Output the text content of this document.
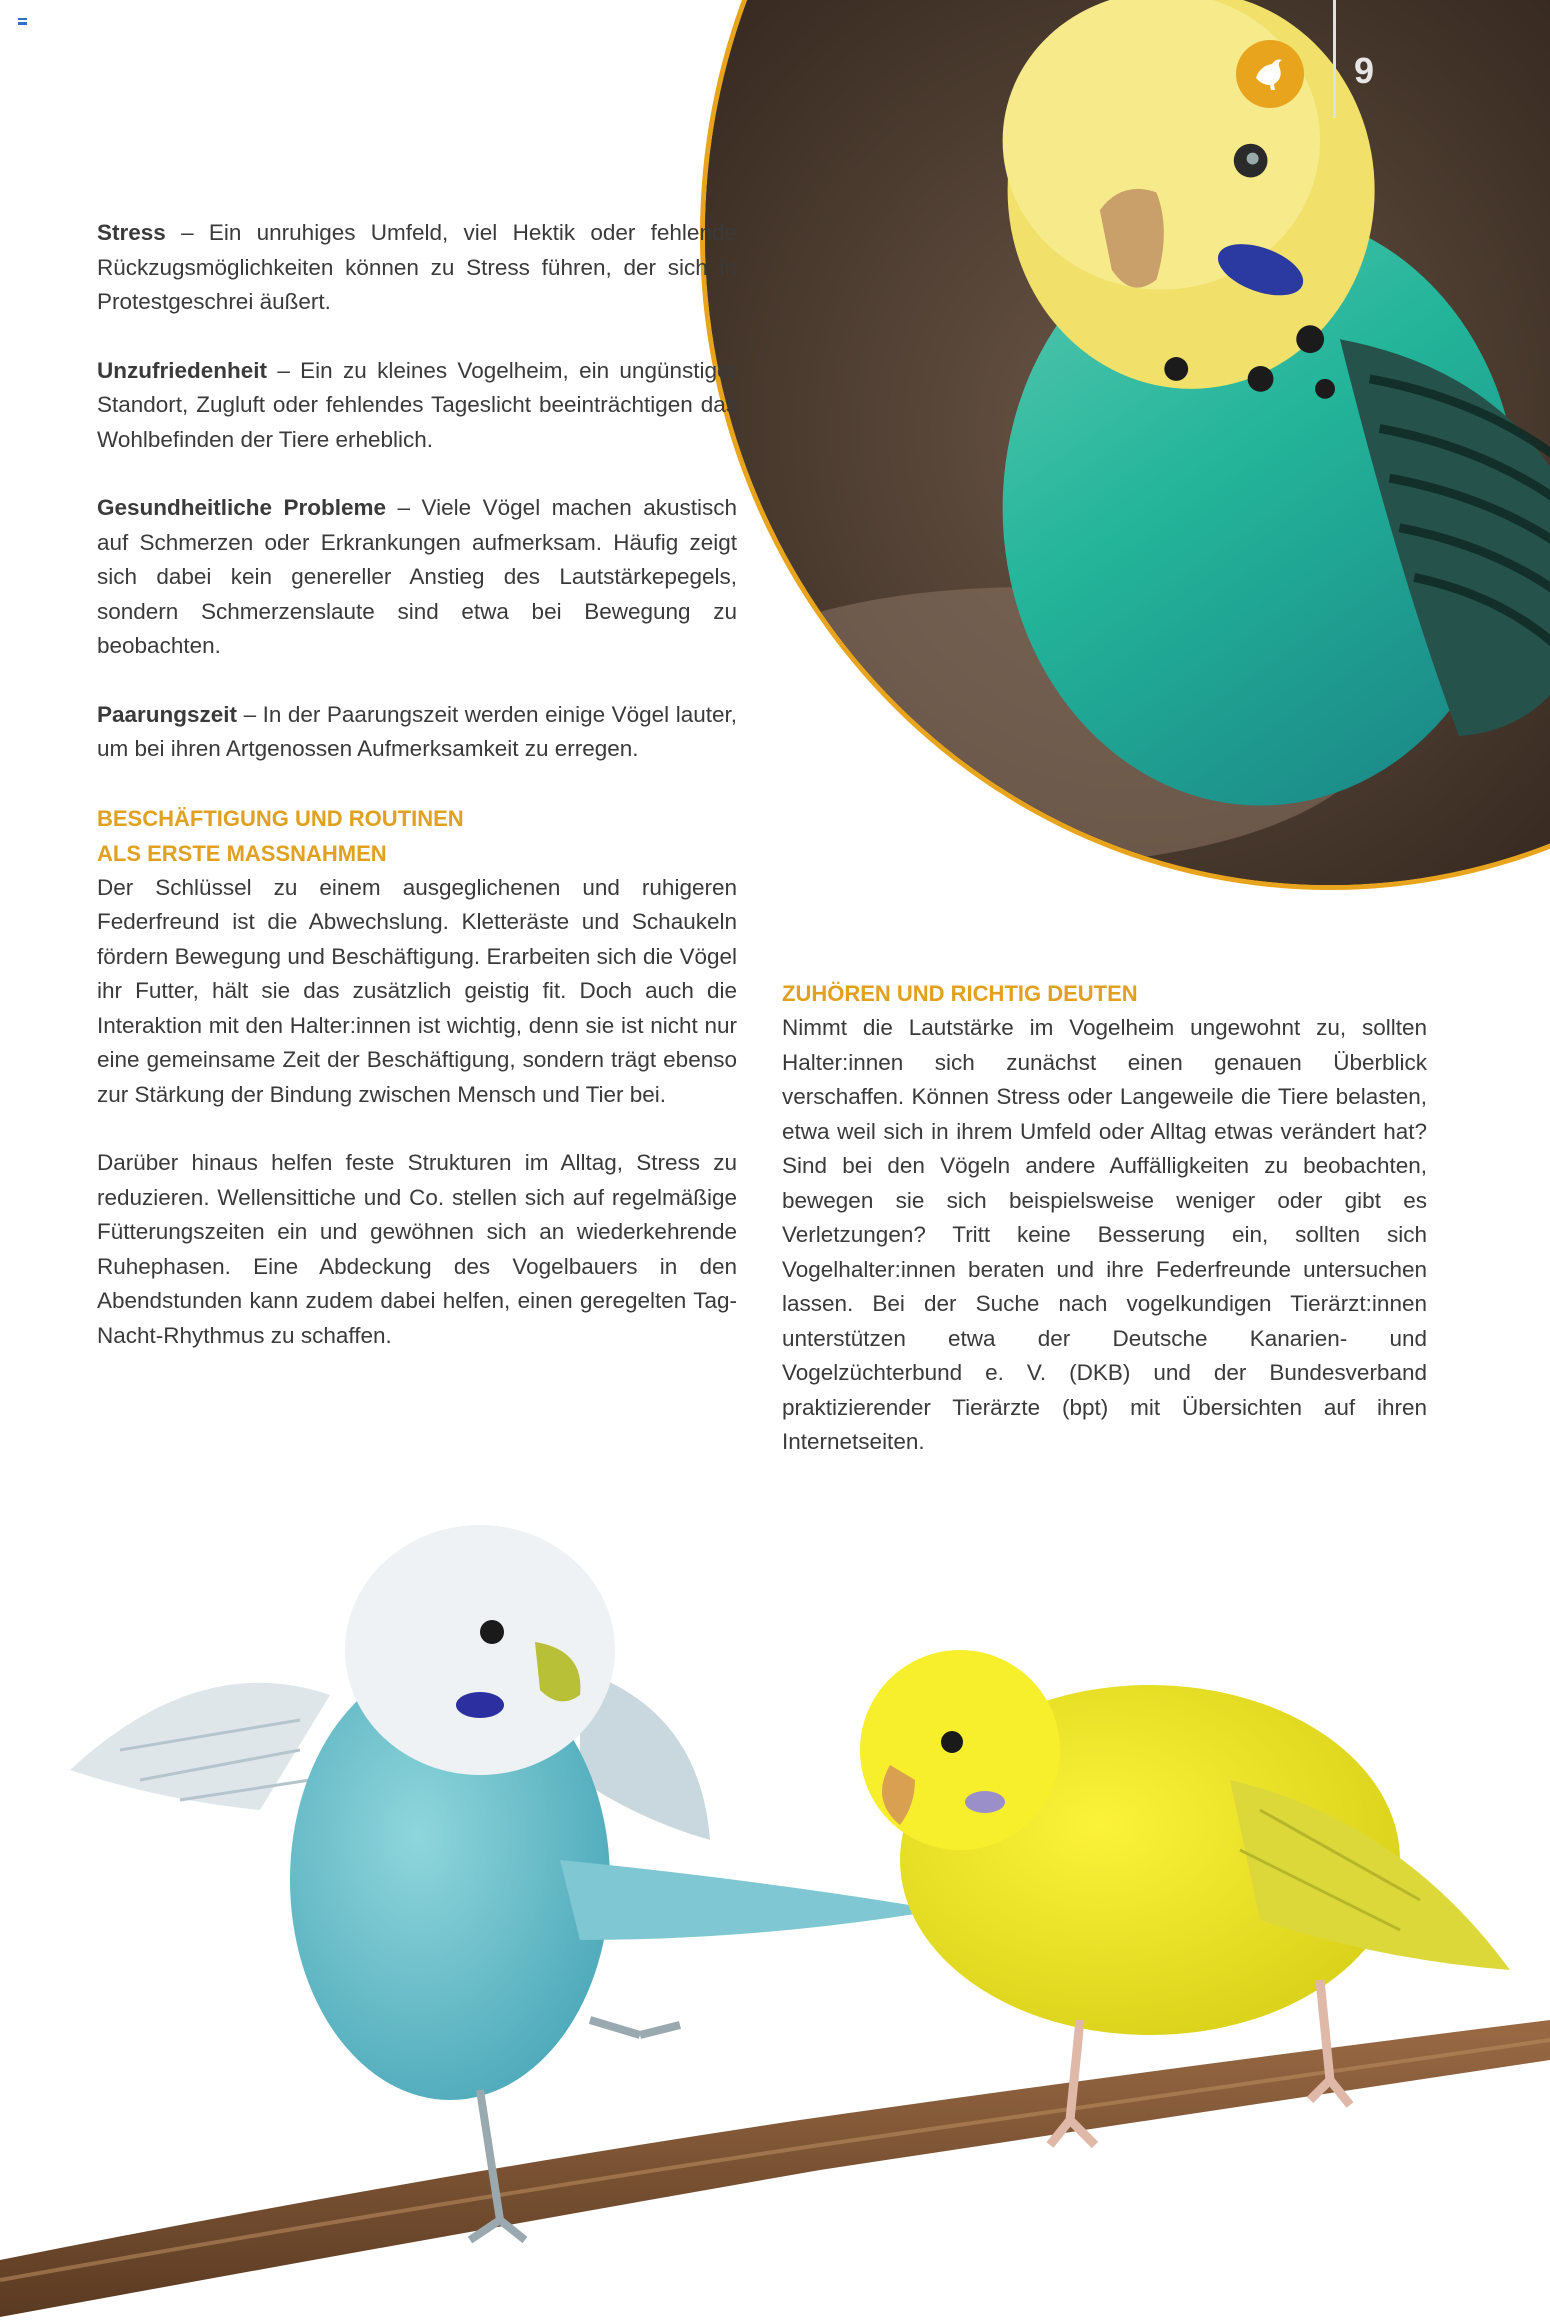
9

Stress – Ein unruhiges Umfeld, viel Hektik oder fehlende Rückzugsmöglichkeiten können zu Stress führen, der sich in Protestgeschrei äußert.

Unzufriedenheit – Ein zu kleines Vogelheim, ein ungünstiger Standort, Zugluft oder fehlendes Tageslicht beeinträchtigen das Wohlbefinden der Tiere erheblich.

Gesundheitliche Probleme – Viele Vögel machen akustisch auf Schmerzen oder Erkrankungen aufmerksam. Häufig zeigt sich dabei kein genereller Anstieg des Lautstärkepegels, sondern Schmerzenslaute sind etwa bei Bewegung zu beobachten.

Paarungszeit – In der Paarungszeit werden einige Vögel lauter, um bei ihren Artgenossen Aufmerksamkeit zu erregen.

BESCHÄFTIGUNG UND ROUTINEN
ALS ERSTE MASSNAHMEN

Der Schlüssel zu einem ausgeglichenen und ruhigeren Federfreund ist die Abwechslung. Kletteräste und Schaukeln fördern Bewegung und Beschäftigung. Erarbeiten sich die Vögel ihr Futter, hält sie das zusätzlich geistig fit. Doch auch die Interaktion mit den Halter:innen ist wichtig, denn sie ist nicht nur eine gemeinsame Zeit der Beschäftigung, sondern trägt ebenso zur Stärkung der Bindung zwischen Mensch und Tier bei.

Darüber hinaus helfen feste Strukturen im Alltag, Stress zu reduzieren. Wellensittiche und Co. stellen sich auf regelmäßige Fütterungszeiten ein und gewöhnen sich an wiederkehrende Ruhephasen. Eine Abdeckung des Vogelbauers in den Abendstunden kann zudem dabei helfen, einen geregelten Tag-Nacht-Rhythmus zu schaffen.

ZUHÖREN UND RICHTIG DEUTEN

Nimmt die Lautstärke im Vogelheim ungewohnt zu, sollten Halter:innen sich zunächst einen genauen Überblick verschaffen. Können Stress oder Langeweile die Tiere belasten, etwa weil sich in ihrem Umfeld oder Alltag etwas verändert hat? Sind bei den Vögeln andere Auffälligkeiten zu beobachten, bewegen sie sich beispielsweise weniger oder gibt es Verletzungen? Tritt keine Besserung ein, sollten sich Vogelhalter:innen beraten und ihre Federfreunde untersuchen lassen. Bei der Suche nach vogelkundigen Tierärzt:innen unterstützen etwa der Deutsche Kanarien- und Vogelzüchterbund e. V. (DKB) und der Bundesverband praktizierender Tierärzte (bpt) mit Übersichten auf ihren Internetseiten.
